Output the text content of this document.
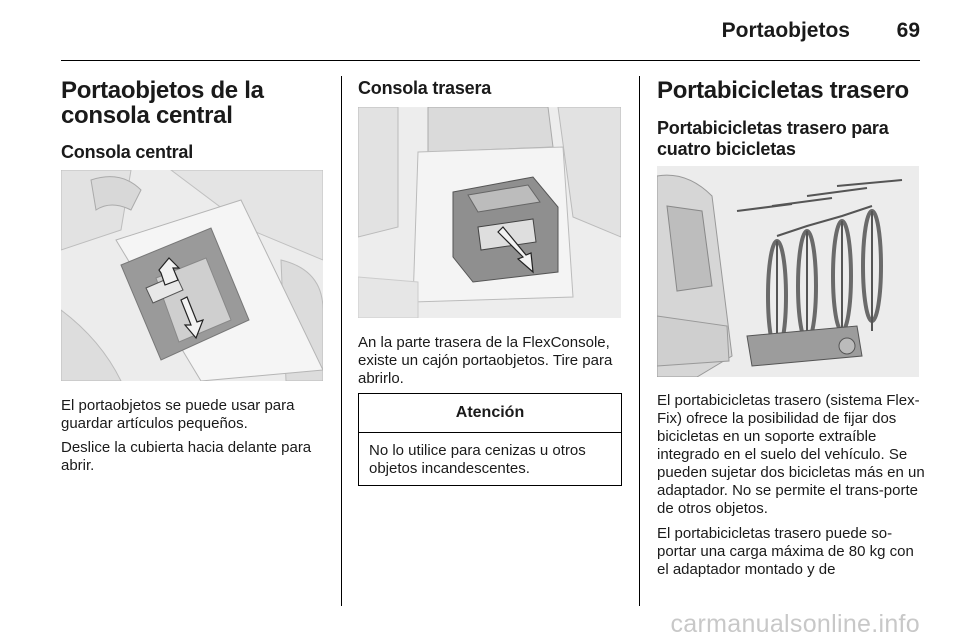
Portaobjetos	69
Portaobjetos de la consola central
Consola central

El portaobjetos se puede usar para guardar artículos pequeños.

Deslice la cubierta hacia delante para abrir.

Consola trasera

An la parte trasera de la FlexConsole, existe un cajón portaobjetos. Tire para abrirlo.

Atención
No lo utilice para cenizas u otros objetos incandescentes.
Portabicicletas trasero
Portabicicletas trasero para cuatro bicicletas

El portabicicletas trasero (sistema Flex-Fix) ofrece la posibilidad de fijar dos bicicletas en un soporte extraíble integrado en el suelo del vehículo. Se pueden sujetar dos bicicletas más en un adaptador. No se permite el trans-porte de otros objetos.

El portabicicletas trasero puede so-portar una carga máxima de 80 kg con el adaptador montado y de

carmanualsonline.info
